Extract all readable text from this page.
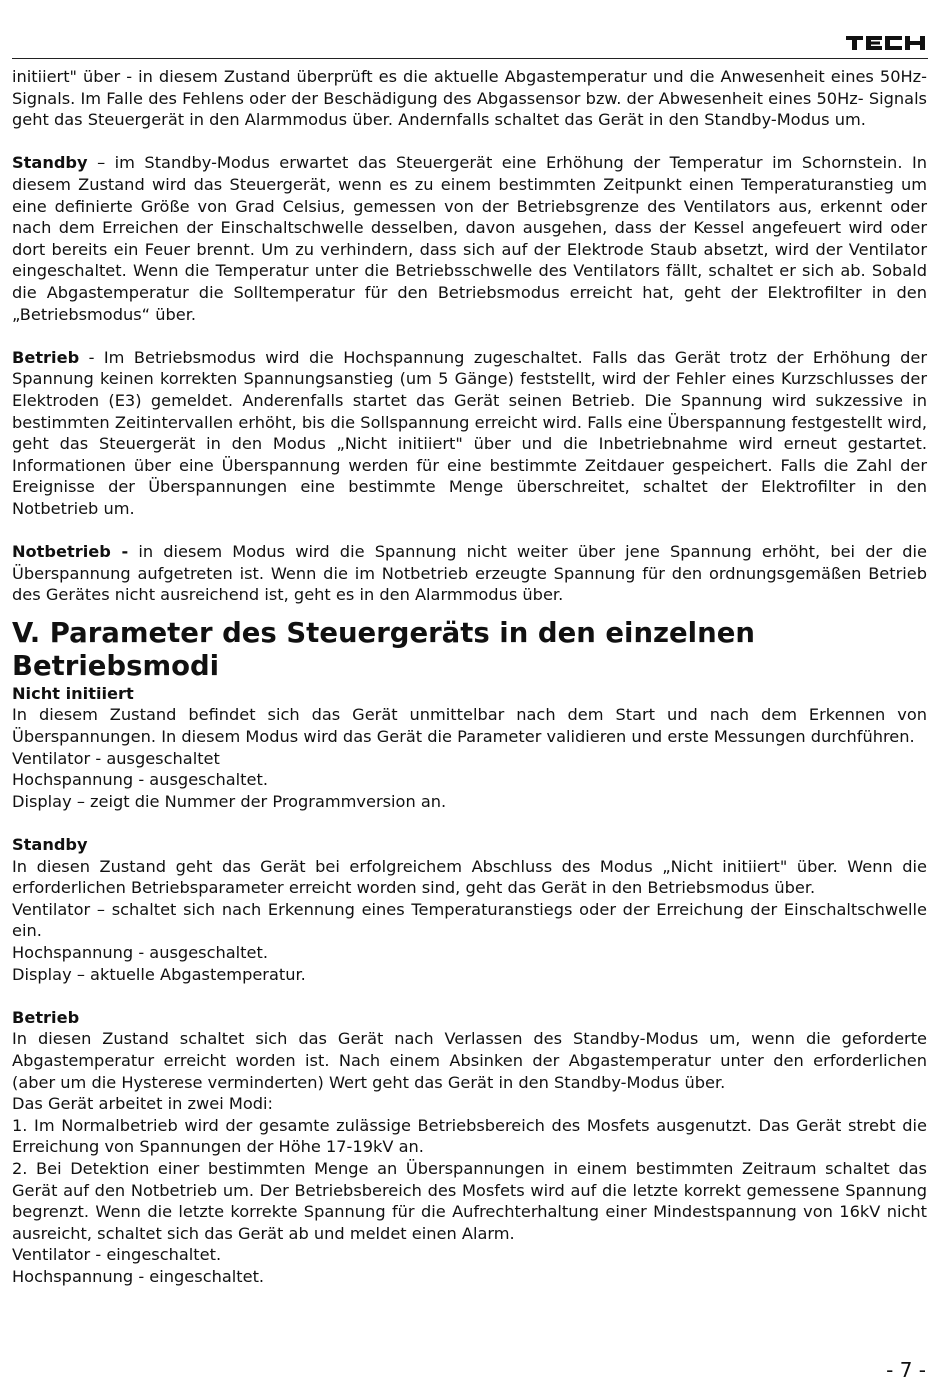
initiiert" über - in diesem Zustand überprüft es die aktuelle Abgastemperatur und die Anwesenheit eines 50Hz-Signals. Im Falle des Fehlens oder der Beschädigung des Abgassensor bzw. der Abwesenheit eines 50Hz- Signals geht das Steuergerät in den Alarmmodus über. Andernfalls schaltet das Gerät in den Standby-Modus um.

Standby – im Standby-Modus erwartet das Steuergerät eine Erhöhung der Temperatur im Schornstein. In diesem Zustand wird das Steuergerät, wenn es zu einem bestimmten Zeitpunkt einen Temperaturanstieg um eine definierte Größe von Grad Celsius, gemessen von der Betriebsgrenze des Ventilators aus, erkennt oder nach dem Erreichen der Einschaltschwelle desselben, davon ausgehen, dass der Kessel angefeuert wird oder dort bereits ein Feuer brennt. Um zu verhindern, dass sich auf der Elektrode Staub absetzt, wird der Ventilator eingeschaltet. Wenn die Temperatur unter die Betriebsschwelle des Ventilators fällt, schaltet er sich ab. Sobald die Abgastemperatur die Solltemperatur für den Betriebsmodus erreicht hat, geht der Elektrofilter in den „Betriebsmodus“ über.

Betrieb - Im Betriebsmodus wird die Hochspannung zugeschaltet. Falls das Gerät trotz der Erhöhung der Spannung keinen korrekten Spannungsanstieg (um 5 Gänge) feststellt, wird der Fehler eines Kurzschlusses der Elektroden (E3) gemeldet. Anderenfalls startet das Gerät seinen Betrieb. Die Spannung wird sukzessive in bestimmten Zeitintervallen erhöht, bis die Sollspannung erreicht wird. Falls eine Überspannung festgestellt wird, geht das Steuergerät in den Modus „Nicht initiiert" über und die Inbetriebnahme wird erneut gestartet. Informationen über eine Überspannung werden für eine bestimmte Zeitdauer gespeichert. Falls die Zahl der Ereignisse der Überspannungen eine bestimmte Menge überschreitet, schaltet der Elektrofilter in den Notbetrieb um.

Notbetrieb - in diesem Modus wird die Spannung nicht weiter über jene Spannung erhöht, bei der die Überspannung aufgetreten ist. Wenn die im Notbetrieb erzeugte Spannung für den ordnungsgemäßen Betrieb des Gerätes nicht ausreichend ist, geht es in den Alarmmodus über.

V. Parameter des Steuergeräts in den einzelnen Betriebsmodi

Nicht initiiert

In diesem Zustand befindet sich das Gerät unmittelbar nach dem Start und nach dem Erkennen von Überspannungen. In diesem Modus wird das Gerät die Parameter validieren und erste Messungen durchführen.

Ventilator - ausgeschaltet

Hochspannung - ausgeschaltet.

Display – zeigt die Nummer der Programmversion an.

Standby

In diesen Zustand geht das Gerät bei erfolgreichem Abschluss des Modus „Nicht initiiert" über. Wenn die erforderlichen Betriebsparameter erreicht worden sind, geht das Gerät in den Betriebsmodus über.

Ventilator – schaltet sich nach Erkennung eines Temperaturanstiegs oder der Erreichung der Einschaltschwelle ein.

Hochspannung - ausgeschaltet.

Display – aktuelle Abgastemperatur.

Betrieb

In diesen Zustand schaltet sich das Gerät nach Verlassen des Standby-Modus um, wenn die geforderte Abgastemperatur erreicht worden ist. Nach einem Absinken der Abgastemperatur unter den erforderlichen (aber um die Hysterese verminderten) Wert geht das Gerät in den Standby-Modus über.

Das Gerät arbeitet in zwei Modi:

1. Im Normalbetrieb wird der gesamte zulässige Betriebsbereich des Mosfets ausgenutzt. Das Gerät strebt die Erreichung von Spannungen der Höhe 17-19kV an.

2. Bei Detektion einer bestimmten Menge an Überspannungen in einem bestimmten Zeitraum schaltet das Gerät auf den Notbetrieb um. Der Betriebsbereich des Mosfets wird auf die letzte korrekt gemessene Spannung begrenzt. Wenn die letzte korrekte Spannung für die Aufrechterhaltung einer Mindestspannung von 16kV nicht ausreicht, schaltet sich das Gerät ab und meldet einen Alarm.

Ventilator - eingeschaltet.

Hochspannung - eingeschaltet.

- 7 -
